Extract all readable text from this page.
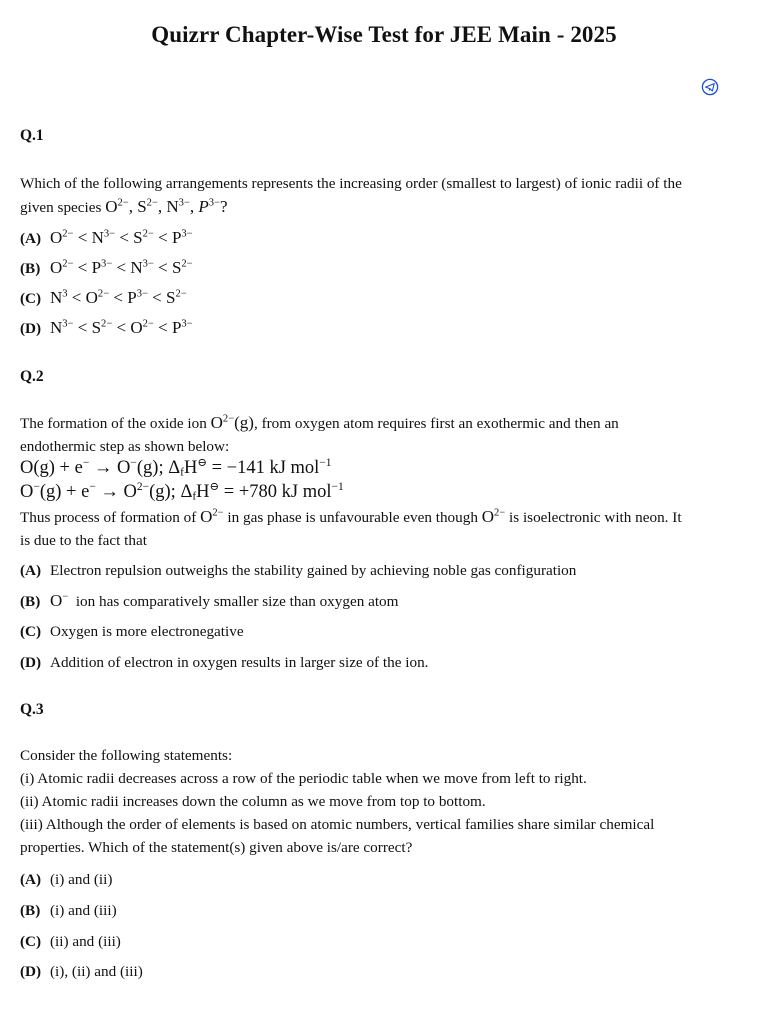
Quizrr Chapter-Wise Test for JEE Main - 2025
Q.1
Which of the following arrangements represents the increasing order (smallest to largest) of ionic radii of the
given species $O^{2-}$, $S^{2-}$, $N^{3-}$, $P^{3-}$?
(A) $O^{2-} < N^{3-} < S^{2-} < P^{3-}$
(B) $O^{2-} < P^{3-} < N^{3-} < S^{2-}$
(C) $N^3 < O^{2-} < P^{3-} < S^{2-}$
(D) $N^{3-} < S^{2-} < O^{2-} < P^{3-}$
Q.2
The formation of the oxide ion $O^{2-}(g)$, from oxygen atom requires first an exothermic and then an
endothermic step as shown below:
O(g) + e− → O−(g); $\Delta_fH^⊖ = -141$ kJ mol$^{-1}$
$O^-(g) + e^- \to O^{2-}(g)$; $\Delta_fH^⊖ = +780$ kJ mol$^{-1}$
Thus process of formation of $O^{2-}$ in gas phase is unfavourable even though $O^{2-}$ is isoelectronic with neon. It
is due to the fact that
(A) Electron repulsion outweighs the stability gained by achieving noble gas configuration
(B) O− ion has comparatively smaller size than oxygen atom
(C) Oxygen is more electronegative
(D) Addition of electron in oxygen results in larger size of the ion.
Q.3
Consider the following statements:
(i) Atomic radii decreases across a row of the periodic table when we move from left to right.
(ii) Atomic radii increases down the column as we move from top to bottom.
(iii) Although the order of elements is based on atomic numbers, vertical families share similar chemical
properties. Which of the statement(s) given above is/are correct?
(A) (i) and (ii)
(B) (i) and (iii)
(C) (ii) and (iii)
(D) (i), (ii) and (iii)
